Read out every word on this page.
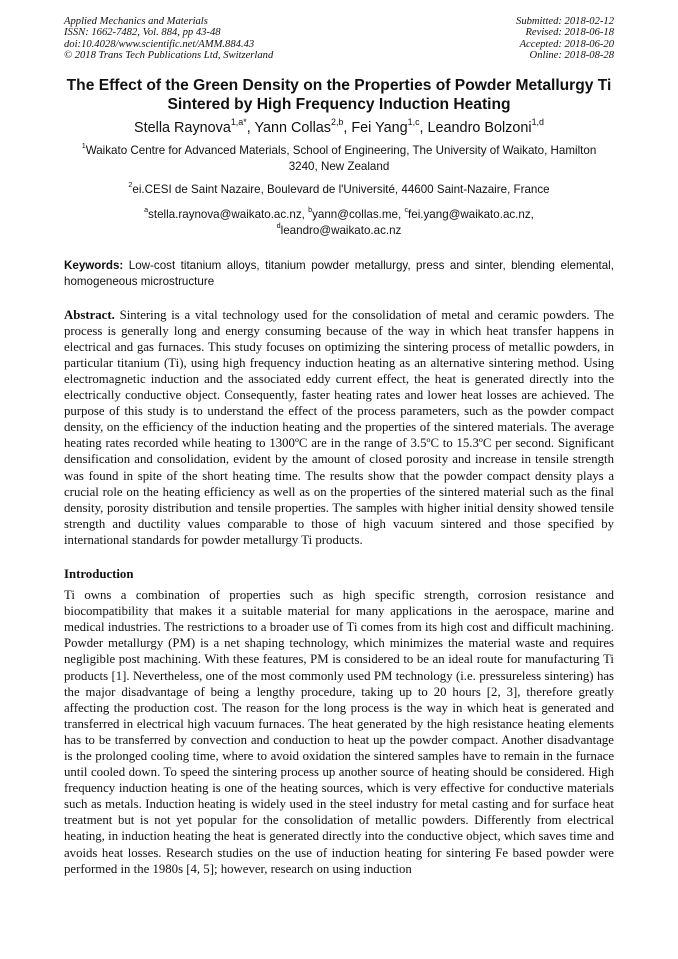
Applied Mechanics and Materials
ISSN: 1662-7482, Vol. 884, pp 43-48
doi:10.4028/www.scientific.net/AMM.884.43
© 2018 Trans Tech Publications Ltd, Switzerland
Submitted: 2018-02-12
Revised: 2018-06-18
Accepted: 2018-06-20
Online: 2018-08-28
The Effect of the Green Density on the Properties of Powder Metallurgy Ti Sintered by High Frequency Induction Heating
Stella Raynova$^{1,a*}$, Yann Collas$^{2,b}$, Fei Yang$^{1,c}$, Leandro Bolzoni$^{1,d}$
$^1$Waikato Centre for Advanced Materials, School of Engineering, The University of Waikato, Hamilton 3240, New Zealand
$^2$ei.CESI de Saint Nazaire, Boulevard de l'Université, 44600 Saint-Nazaire, France
$^a$stella.raynova@waikato.ac.nz, $^b$yann@collas.me, $^c$fei.yang@waikato.ac.nz,
$^d$leandro@waikato.ac.nz
Keywords: Low-cost titanium alloys, titanium powder metallurgy, press and sinter, blending elemental, homogeneous microstructure
Abstract. Sintering is a vital technology used for the consolidation of metal and ceramic powders. The process is generally long and energy consuming because of the way in which heat transfer happens in electrical and gas furnaces. This study focuses on optimizing the sintering process of metallic powders, in particular titanium (Ti), using high frequency induction heating as an alternative sintering method. Using electromagnetic induction and the associated eddy current effect, the heat is generated directly into the electrically conductive object. Consequently, faster heating rates and lower heat losses are achieved. The purpose of this study is to understand the effect of the process parameters, such as the powder compact density, on the efficiency of the induction heating and the properties of the sintered materials. The average heating rates recorded while heating to 1300ºC are in the range of 3.5ºC to 15.3ºC per second. Significant densification and consolidation, evident by the amount of closed porosity and increase in tensile strength was found in spite of the short heating time. The results show that the powder compact density plays a crucial role on the heating efficiency as well as on the properties of the sintered material such as the final density, porosity distribution and tensile properties. The samples with higher initial density showed tensile strength and ductility values comparable to those of high vacuum sintered and those specified by international standards for powder metallurgy Ti products.
Introduction
Ti owns a combination of properties such as high specific strength, corrosion resistance and biocompatibility that makes it a suitable material for many applications in the aerospace, marine and medical industries. The restrictions to a broader use of Ti comes from its high cost and difficult machining. Powder metallurgy (PM) is a net shaping technology, which minimizes the material waste and requires negligible post machining. With these features, PM is considered to be an ideal route for manufacturing Ti products [1]. Nevertheless, one of the most commonly used PM technology (i.e. pressureless sintering) has the major disadvantage of being a lengthy procedure, taking up to 20 hours [2, 3], therefore greatly affecting the production cost. The reason for the long process is the way in which heat is generated and transferred in electrical high vacuum furnaces. The heat generated by the high resistance heating elements has to be transferred by convection and conduction to heat up the powder compact. Another disadvantage is the prolonged cooling time, where to avoid oxidation the sintered samples have to remain in the furnace until cooled down. To speed the sintering process up another source of heating should be considered. High frequency induction heating is one of the heating sources, which is very effective for conductive materials such as metals. Induction heating is widely used in the steel industry for metal casting and for surface heat treatment but is not yet popular for the consolidation of metallic powders. Differently from electrical heating, in induction heating the heat is generated directly into the conductive object, which saves time and avoids heat losses. Research studies on the use of induction heating for sintering Fe based powder were performed in the 1980s [4, 5]; however, research on using induction
